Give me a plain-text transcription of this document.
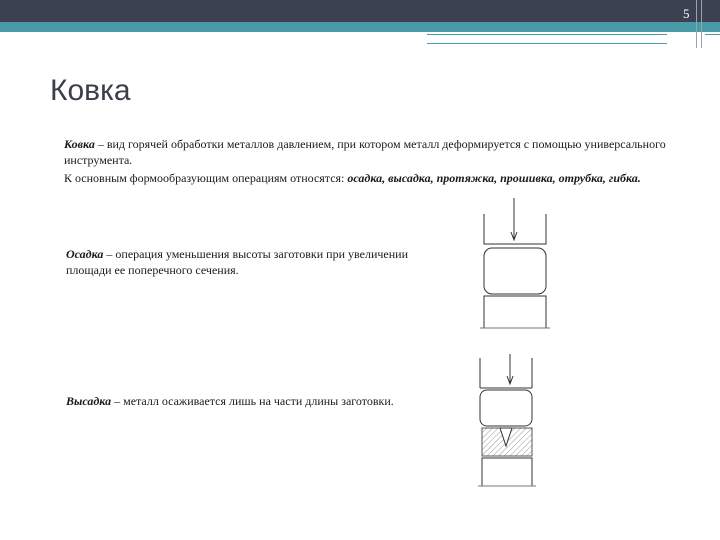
5
Ковка
Ковка – вид горячей обработки металлов давлением, при котором металл деформируется с помощью универсального инструмента.
К основным формообразующим операциям относятся: осадка, высадка, протяжка, прошивка, отрубка, гибка.
Осадка – операция уменьшения высоты заготовки при увеличении площади ее поперечного сечения.
Высадка – металл осаживается лишь на части длины заготовки.
